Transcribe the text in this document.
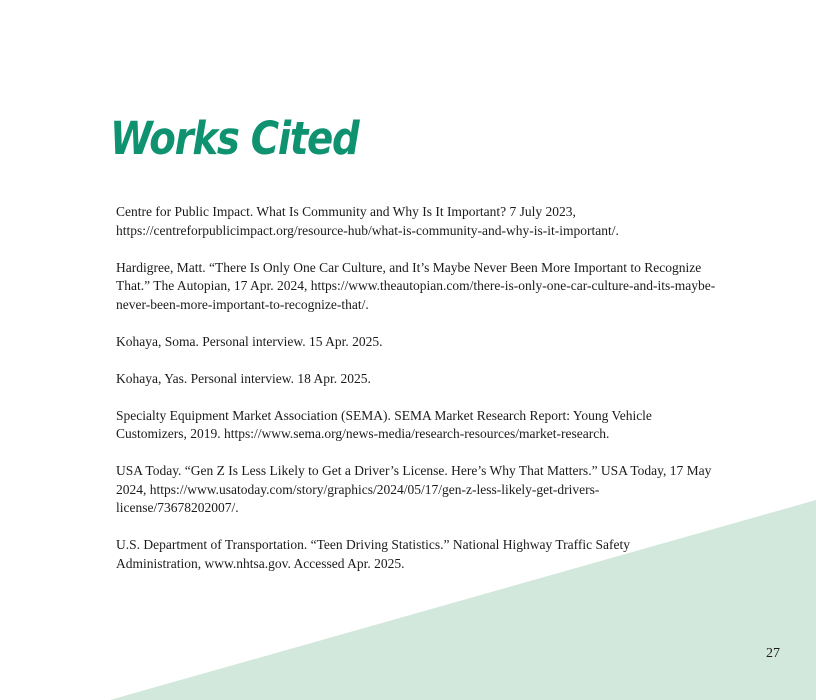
Works Cited

Centre for Public Impact. What Is Community and Why Is It Important? 7 July 2023, https://centreforpublicimpact.org/resource-hub/what-is-community-and-why-is-it-important/.

Hardigree, Matt. “There Is Only One Car Culture, and It’s Maybe Never Been More Important to Recognize That.” The Autopian, 17 Apr. 2024, https://www.theautopian.com/there-is-only-one-car-culture-and-its-maybe-never-been-more-important-to-recognize-that/.

Kohaya, Soma. Personal interview. 15 Apr. 2025.

Kohaya, Yas. Personal interview. 18 Apr. 2025.

Specialty Equipment Market Association (SEMA). SEMA Market Research Report: Young Vehicle Customizers, 2019. https://www.sema.org/news-media/research-resources/market-research.

USA Today. “Gen Z Is Less Likely to Get a Driver’s License. Here’s Why That Matters.” USA Today, 17 May 2024, https://www.usatoday.com/story/graphics/2024/05/17/gen-z-less-likely-get-drivers-license/73678202007/.

U.S. Department of Transportation. “Teen Driving Statistics.” National Highway Traffic Safety Administration, www.nhtsa.gov. Accessed Apr. 2025.

27
